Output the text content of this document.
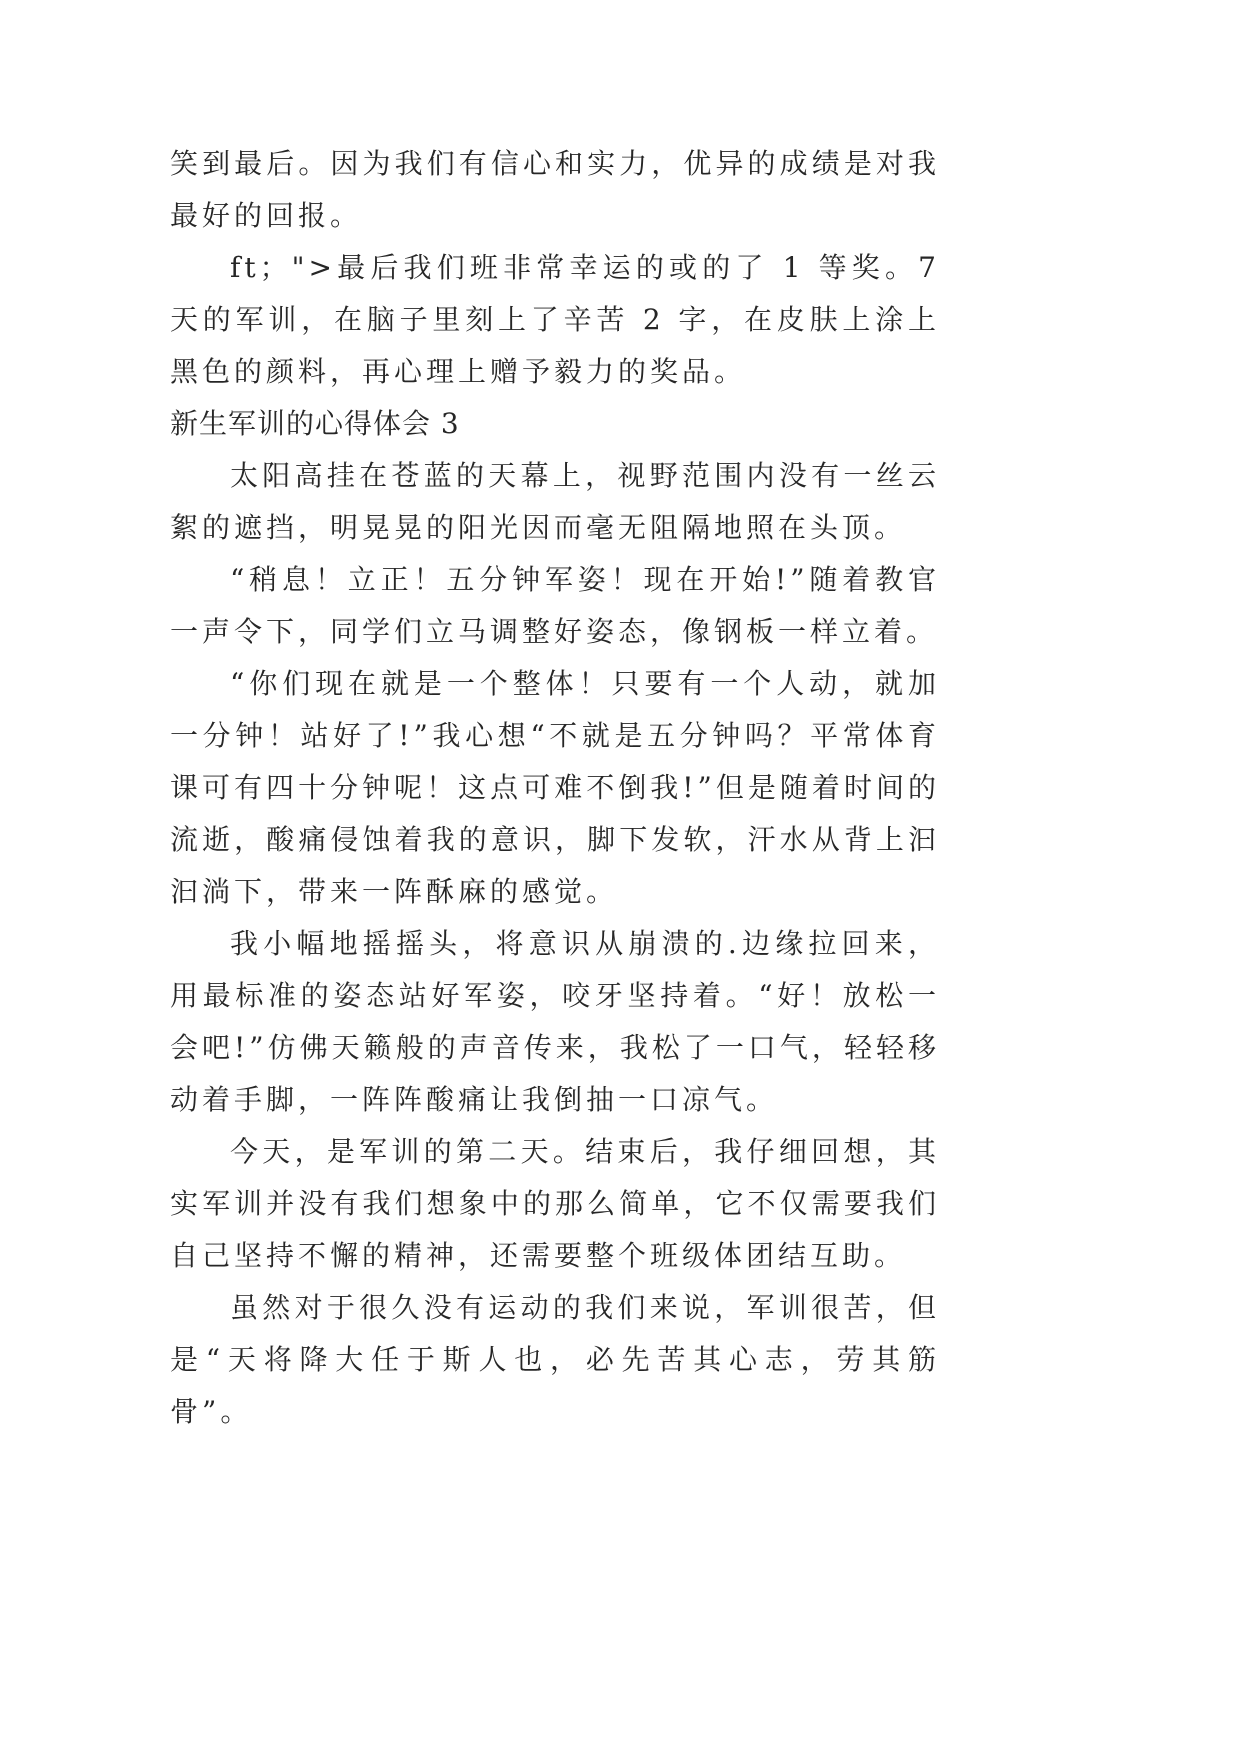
笑到最后。因为我们有信心和实力，优异的成绩是对我最好的回报。

ft；">最后我们班非常幸运的或的了 1 等奖。7 天的军训，在脑子里刻上了辛苦 2 字，在皮肤上涂上黑色的颜料，再心理上赠予毅力的奖品。

新生军训的心得体会 3

太阳高挂在苍蓝的天幕上，视野范围内没有一丝云絮的遮挡，明晃晃的阳光因而毫无阻隔地照在头顶。

“稍息！立正！五分钟军姿！现在开始!”随着教官一声令下，同学们立马调整好姿态，像钢板一样立着。

“你们现在就是一个整体！只要有一个人动，就加一分钟！站好了!”我心想“不就是五分钟吗？平常体育课可有四十分钟呢！这点可难不倒我!”但是随着时间的流逝，酸痛侵蚀着我的意识，脚下发软，汗水从背上汩汩淌下，带来一阵酥麻的感觉。

我小幅地摇摇头，将意识从崩溃的.边缘拉回来，用最标准的姿态站好军姿，咬牙坚持着。“好！放松一会吧!”仿佛天籁般的声音传来，我松了一口气，轻轻移动着手脚，一阵阵酸痛让我倒抽一口凉气。

今天，是军训的第二天。结束后，我仔细回想，其实军训并没有我们想象中的那么简单，它不仅需要我们自己坚持不懈的精神，还需要整个班级体团结互助。

虽然对于很久没有运动的我们来说，军训很苦，但是“天将降大任于斯人也，必先苦其心志，劳其筋骨”。
